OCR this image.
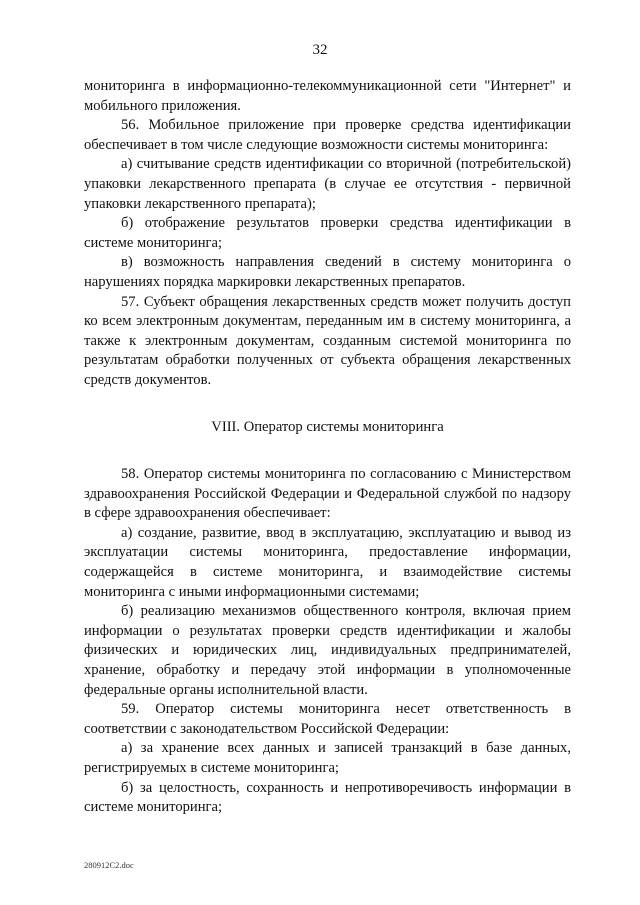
32

мониторинга в информационно-телекоммуникационной сети "Интернет" и мобильного приложения.

56. Мобильное приложение при проверке средства идентификации обеспечивает в том числе следующие возможности системы мониторинга:

а) считывание средств идентификации со вторичной (потребительской) упаковки лекарственного препарата (в случае ее отсутствия - первичной упаковки лекарственного препарата);

б) отображение результатов проверки средства идентификации в системе мониторинга;

в) возможность направления сведений в систему мониторинга о нарушениях порядка маркировки лекарственных препаратов.

57. Субъект обращения лекарственных средств может получить доступ ко всем электронным документам, переданным им в систему мониторинга, а также к электронным документам, созданным системой мониторинга по результатам обработки полученных от субъекта обращения лекарственных средств документов.

VIII. Оператор системы мониторинга

58. Оператор системы мониторинга по согласованию с Министерством здравоохранения Российской Федерации и Федеральной службой по надзору в сфере здравоохранения обеспечивает:

а) создание, развитие, ввод в эксплуатацию, эксплуатацию и вывод из эксплуатации системы мониторинга, предоставление информации, содержащейся в системе мониторинга, и взаимодействие системы мониторинга с иными информационными системами;

б) реализацию механизмов общественного контроля, включая прием информации о результатах проверки средств идентификации и жалобы физических и юридических лиц, индивидуальных предпринимателей, хранение, обработку и передачу этой информации в уполномоченные федеральные органы исполнительной власти.

59. Оператор системы мониторинга несет ответственность в соответствии с законодательством Российской Федерации:

а) за хранение всех данных и записей транзакций в базе данных, регистрируемых в системе мониторинга;

б) за целостность, сохранность и непротиворечивость информации в системе мониторинга;

280912C2.doc
